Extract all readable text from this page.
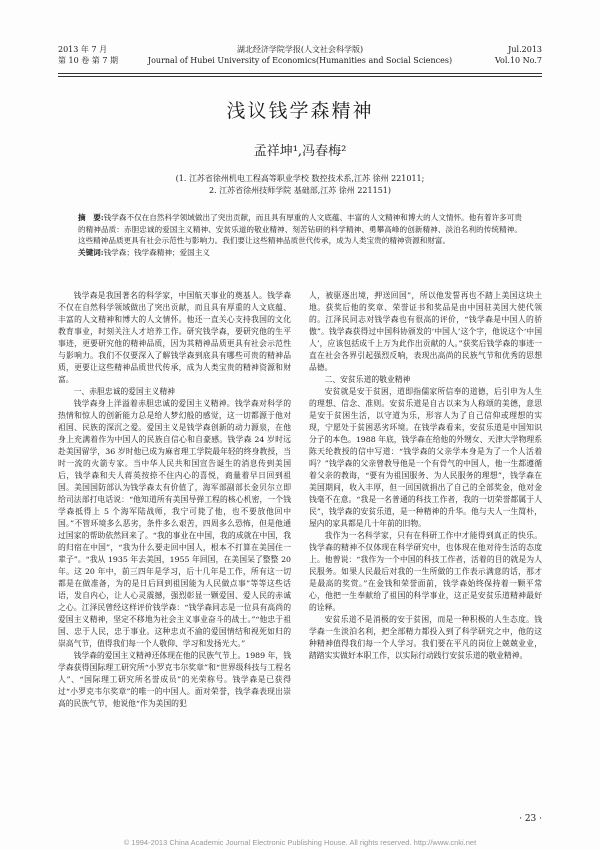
2013 年 7 月
第 10 卷 第 7 期
湖北经济学院学报(人文社会科学版)
Journal of Hubei University of Economics(Humanities and Social Sciences)
Jul.2013
Vol.10 No.7
浅议钱学森精神
孟祥坤¹,冯春梅²
(1. 江苏省徐州机电工程高等职业学校 数控技术系,江苏 徐州 221011;
2. 江苏省徐州技师学院 基础部,江苏 徐州 221151)
摘　要:钱学森不仅在自然科学领域做出了突出贡献，而且具有厚重的人文底蕴、丰富的人文精神和博大的人文情怀。他有着许多可贵的精神品质：赤胆忠诚的爱国主义精神、安贫乐道的敬业精神、刻苦钻研的科学精神、勇攀高峰的创新精神、淡泊名利的传统精神。这些精神品质更具有社会示范性与影响力。我们要让这些精神品质世代传承，成为人类宝贵的精神资源和财富。
关键词:钱学森；钱学森精神；爱国主义

钱学森是我国著名的科学家，中国航天事业的奠基人。钱学森不仅在自然科学领域做出了突出贡献，而且具有厚重的人文底蕴、丰富的人文精神和博大的人文情怀。他还一直关心支持我国的文化教育事业，时刻关注人才培养工作。研究钱学森，要研究他的生平事迹，更要研究他的精神品质，因为其精神品质更具有社会示范性与影响力。我们不仅要深入了解钱学森到底具有哪些可贵的精神品质，更要让这些精神品质世代传承，成为人类宝贵的精神资源和财富。

一、赤胆忠诚的爱国主义精神

钱学森身上洋溢着赤胆忠诚的爱国主义精神。钱学森对科学的热情和惊人的创新能力总是给人梦幻般的感觉，这一切都源于他对祖国、民族的深沉之爱。爱国主义是钱学森创新的动力源泉，在他身上充满着作为中国人的民族自信心和自豪感。钱学森 24 岁时远赴美国留学，36 岁时他已成为麻省理工学院最年轻的终身教授，当时一流的火箭专家。当中华人民共和国宣告诞生的消息传到美国后，钱学森和夫人蒋英按捺不住内心的喜悦，商量着早日回到祖国。美国国防部认为钱学森太有价值了，海军部副部长金贝尔立即给司法部打电话说：“他知道所有美国导弹工程的核心机密，一个钱学森抵得上 5 个海军陆战师，我宁可毙了他，也不要放他回中国。”不管环境多么恶劣，条件多么艰苦，四周多么恐怖，但是他通过国家的帮助依然回来了。“我的事业在中国，我的成就在中国，我的归宿在中国”，“我为什么要走回中国人，根本不打算在美国住一辈子”。“我从 1935 年去美国，1955 年回国，在美国呆了整整 20 年。这 20 年中，前三四年是学习，后十几年是工作，所有这一切都是在做准备，为的是日后回到祖国能为人民做点事”等等这些话语，发自内心，让人心灵震撼，强烈彰显一颗爱国、爱人民的赤诚之心。江泽民曾经这样评价钱学森：“钱学森同志是一位具有高尚的爱国主义精神，坚定不移地为社会主义事业奋斗的战士。”“他忠于祖国、忠于人民，忠于事业。这种忠贞不渝的爱国情结和视死如归的崇高气节，值得我们每一个人敬仰、学习和发扬光大。”

钱学森的爱国主义精神还体现在他的民族气节上。1989 年，钱学森获得国际理工研究所“小罗克韦尔奖章”和“世界级科技与工程名人”、“国际理工研究所名誉成员”的光荣称号。钱学森是已获得过“小罗克韦尔奖章”的唯一的中国人。面对荣誉，钱学森表现出崇高的民族气节，他说他“作为美国的犯

人，被驱逐出境，押送回国”，所以他发誓再也不踏上美国这块土地。获奖后他的奖章、荣誉证书和奖品是由中国驻美国大使代领的。江泽民同志对钱学森也有很高的评价，“钱学森是中国人的骄傲”。钱学森获得过中国科协颁发的‘中国人’这个字，他说这个‘中国人’，应该包括成千上万为此作出贡献的人。”获奖后钱学森的事迹一直在社会各界引起强烈反响，表现出高尚的民族气节和优秀的思想品德。

二、安贫乐道的敬业精神

安贫就是安于贫困，道即指儒家所信奉的道德，后引申为人生的理想、信念、准则。安贫乐道是自古以来为人称颂的美德，意思是安于贫困生活，以守道为乐，形容人为了自己信仰或理想的实现，宁愿处于贫困恶劣环境。在钱学森看来，安贫乐道是中国知识分子的本色。1988 年底，钱学森在给他的外甥女、天津大学物理系陈天纶教授的信中写道：“钱学森的父亲学本身是为了一个人活着吗？”钱学森的父亲曾教导他是一个有骨气的中国人，他一生都遵循着父亲的教诲，“要有为祖国服务、为人民服务的理想”，钱学森在美国期间，收入丰厚，但一回国就捐出了自己的全部奖金，他对金钱毫不在意。“我是一名普通的科技工作者，我的一切荣誉都属于人民”，钱学森的安贫乐道，是一种精神的升华。他与夫人一生简朴，屋内的家具都是几十年前的旧物。

我作为一名科学家，只有在科研工作中才能得到真正的快乐。钱学森的精神不仅体现在科学研究中，也体现在他对待生活的态度上。他曾说：“我作为一个中国的科技工作者，活着的目的就是为人民服务。如果人民最后对我的一生所做的工作表示满意的话，那才是最高的奖赏。”在金钱和荣誉面前，钱学森始终保持着一颗平常心，他把一生奉献给了祖国的科学事业，这正是安贫乐道精神最好的诠释。

安贫乐道不是消极的安于贫困，而是一种积极的人生态度。钱学森一生淡泊名利，把全部精力都投入到了科学研究之中，他的这种精神值得我们每一个人学习。我们要在平凡的岗位上兢兢业业，踏踏实实做好本职工作，以实际行动践行安贫乐道的敬业精神。

· 23 ·
© 1994-2013 China Academic Journal Electronic Publishing House. All rights reserved. http://www.cnki.net
